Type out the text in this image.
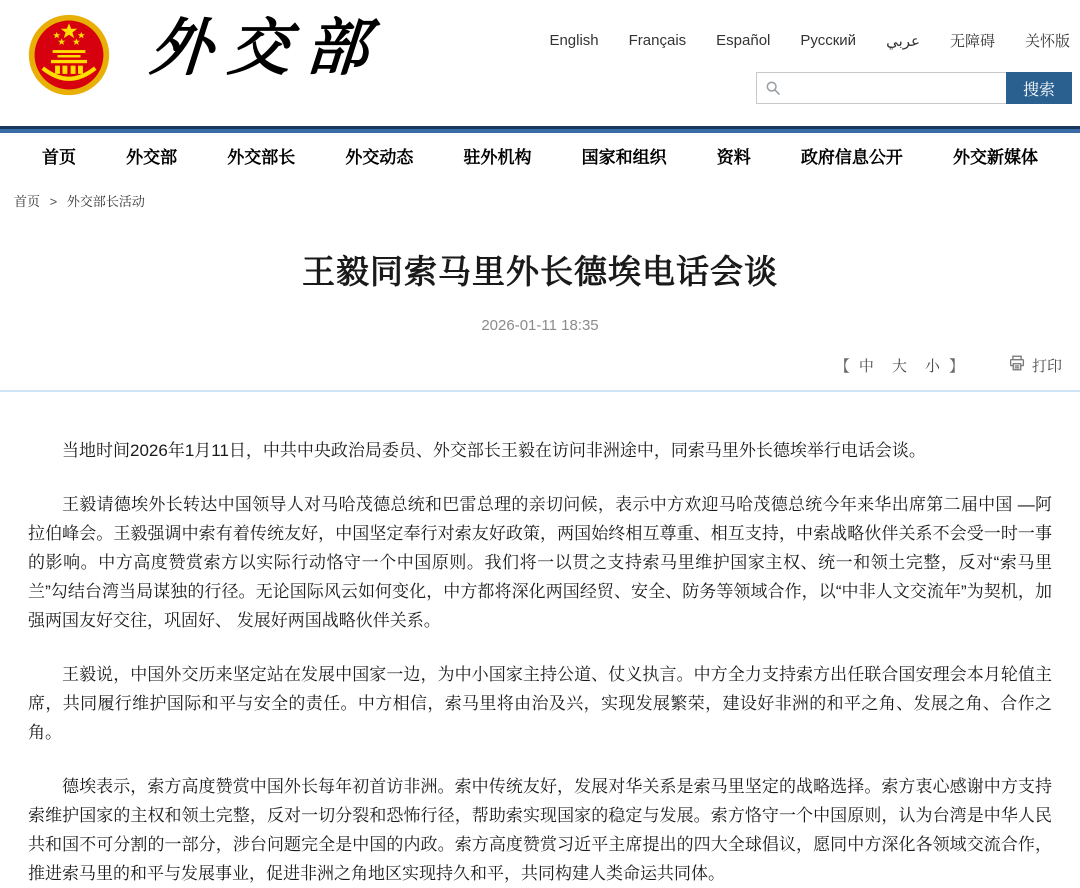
外交部	English Français Español Русский عربي 无障碍 关怀版
搜索
首页	外交部	外交部长	外交动态	驻外机构	国家和组织	资料	政府信息公开	外交新媒体
首页 > 外交部长活动
王毅同索马里外长德埃电话会谈
2026-01-11 18:35
【 中 大 小 】	打印

当地时间2026年1月11日，中共中央政治局委员、外交部长王毅在访问非洲途中，同索马里外长德埃举行电话会谈。

王毅请德埃外长转达中国领导人对马哈茂德总统和巴雷总理的亲切问候，表示中方欢迎马哈茂德总统今年来华出席第二届中国 —阿拉伯峰会。王毅强调中索有着传统友好，中国坚定奉行对索友好政策，两国始终相互尊重、相互支持，中索战略伙伴关系不会受一时一事的影响。中方高度赞赏索方以实际行动恪守一个中国原则。我们将一以贯之支持索马里维护国家主权、统一和领土完整，反对“索马里兰”勾结台湾当局谋独的行径。无论国际风云如何变化，中方都将深化两国经贸、安全、防务等领域合作，以“中非人文交流年”为契机，加强两国友好交往，巩固好、 发展好两国战略伙伴关系。

王毅说，中国外交历来坚定站在发展中国家一边，为中小国家主持公道、仗义执言。中方全力支持索方出任联合国安理会本月轮值主席，共同履行维护国际和平与安全的责任。中方相信，索马里将由治及兴，实现发展繁荣，建设好非洲的和平之角、发展之角、合作之角。

德埃表示，索方高度赞赏中国外长每年初首访非洲。索中传统友好，发展对华关系是索马里坚定的战略选择。索方衷心感谢中方支持索维护国家的主权和领土完整，反对一切分裂和恐怖行径，帮助索实现国家的稳定与发展。索方恪守一个中国原则，认为台湾是中华人民共和国不可分割的一部分，涉台问题完全是中国的内政。索方高度赞赏习近平主席提出的四大全球倡议，愿同中方深化各领域交流合作，推进索马里的和平与发展事业，促进非洲之角地区实现持久和平，共同构建人类命运共同体。
